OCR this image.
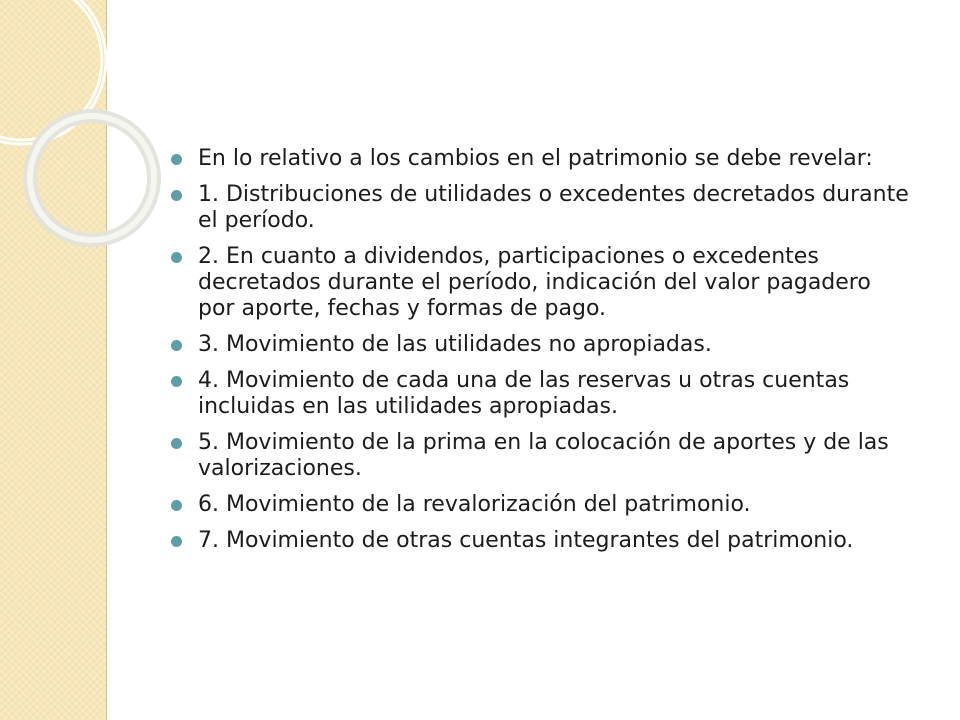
En lo relativo a los cambios en el patrimonio se debe revelar:
1. Distribuciones de utilidades o excedentes decretados durante el período.
2. En cuanto a dividendos, participaciones o excedentes decretados durante el período, indicación del valor pagadero por aporte, fechas y formas de pago.
3. Movimiento de las utilidades no apropiadas.
4. Movimiento de cada una de las reservas u otras cuentas incluidas en las utilidades apropiadas.
5. Movimiento de la prima en la colocación de aportes y de las valorizaciones.
6. Movimiento de la revalorización del patrimonio.
7. Movimiento de otras cuentas integrantes del patrimonio.
